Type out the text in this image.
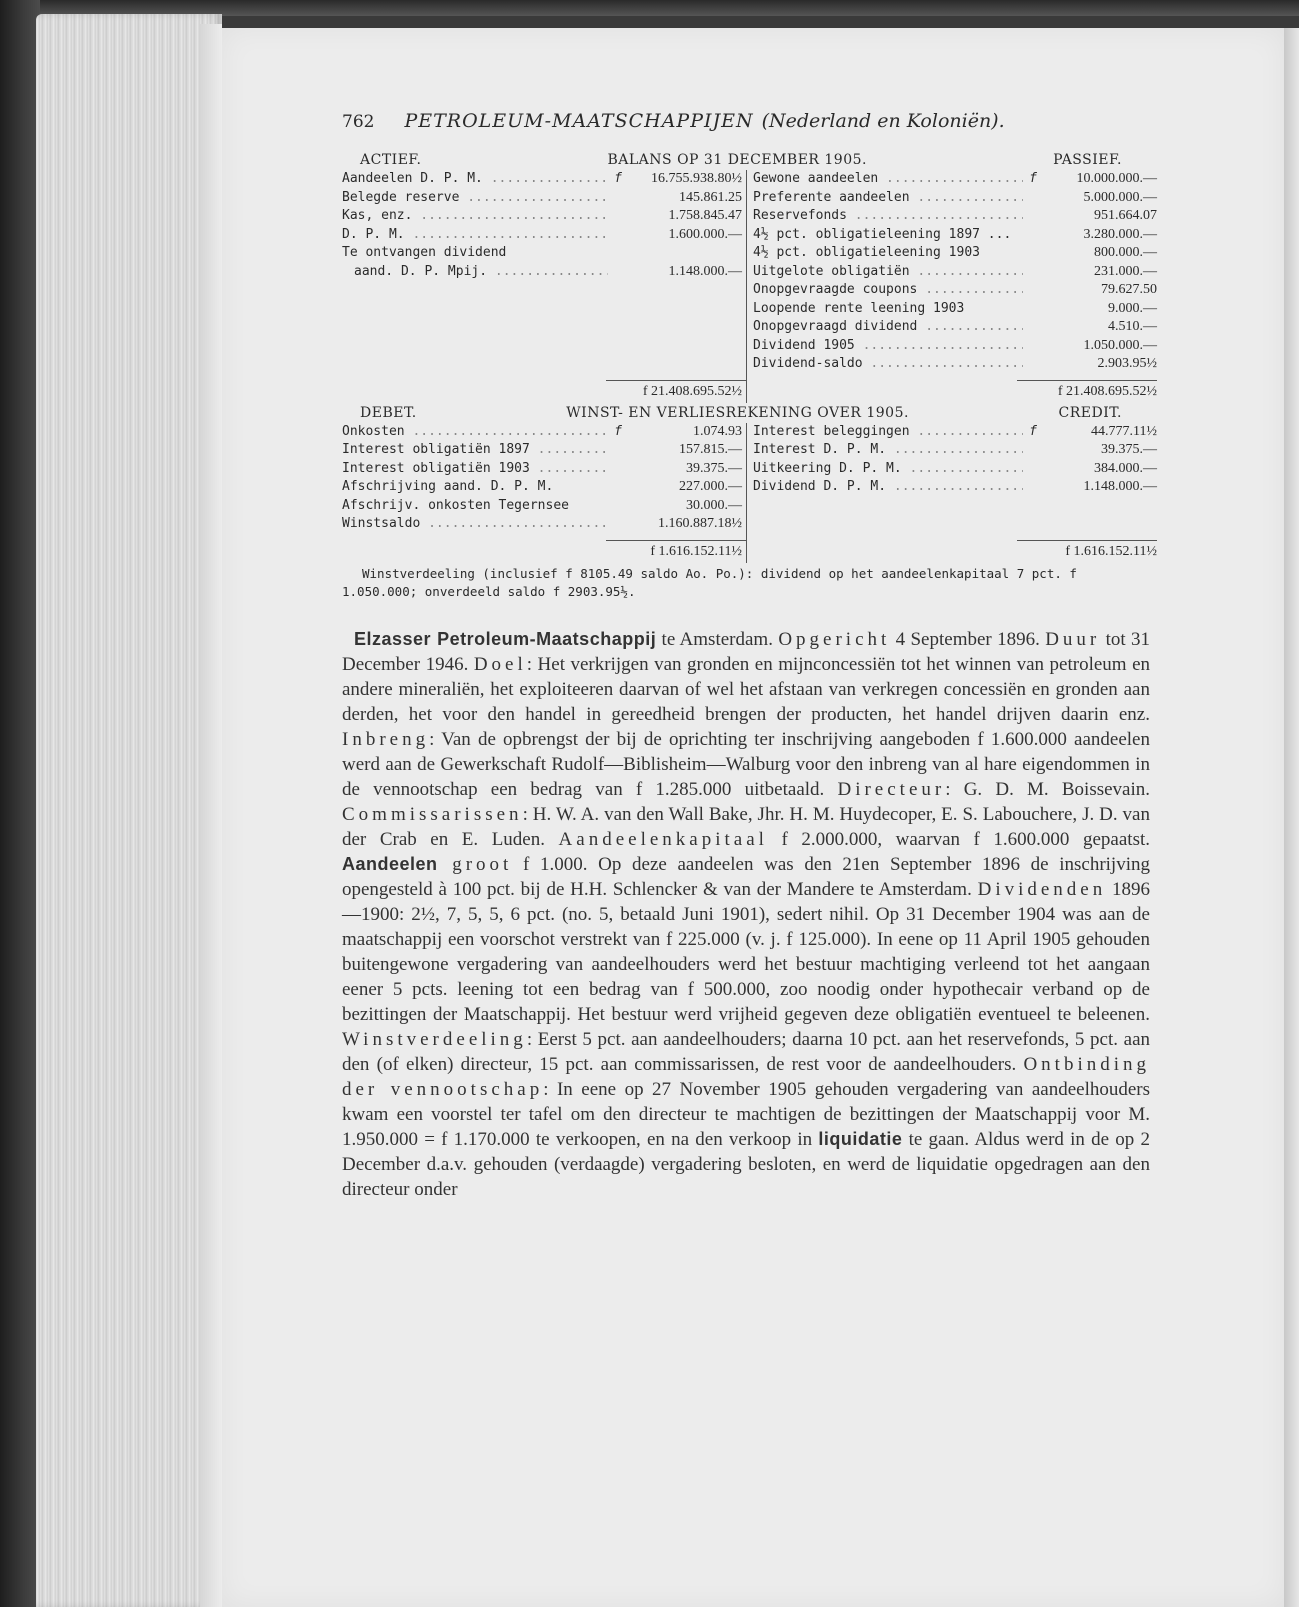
762 PETROLEUM-MAATSCHAPPIJEN (Nederland en Koloniën).
ACTIEF.	BALANS OP 31 DECEMBER 1905.	PASSIEF.
Aandeelen D. P. M. .....	f	16.755.938.80½
Belegde reserve .....	145.861.25
Kas, enz. .....	1.758.845.47
D. P. M. .....	1.600.000.—
Te ontvangen dividend
aand. D. P. Mpij. .....	1.148.000.—
f 21.408.695.52½
Gewone aandeelen .....	f	10.000.000.—
Preferente aandeelen .....	5.000.000.—
Reservefonds .....	951.664.07
4½ pct. obligatieleening 1897 ...	3.280.000.—
4½ pct. obligatieleening 1903	800.000.—
Uitgelote obligatiën .....	231.000.—
Onopgevraagde coupons .....	79.627.50
Loopende rente leening 1903	9.000.—
Onopgevraagd dividend .....	4.510.—
Dividend 1905 .....	1.050.000.—
Dividend-saldo .....	2.903.95½
f 21.408.695.52½
DEBET.	WINST- EN VERLIESREKENING OVER 1905.	CREDIT.
Onkosten .....	f	1.074.93
Interest obligatiën 1897 .....	157.815.—
Interest obligatiën 1903 .....	39.375.—
Afschrijving aand. D. P. M.	227.000.—
Afschrijv. onkosten Tegernsee	30.000.—
Winstsaldo .....	1.160.887.18½
f 1.616.152.11½
Interest beleggingen .....	f	44.777.11½
Interest D. P. M. .....	39.375.—
Uitkeering D. P. M. .....	384.000.—
Dividend D. P. M. .....	1.148.000.—
f 1.616.152.11½
Winstverdeeling (inclusief f 8105.49 saldo Ao. Po.): dividend op het aandeelenkapitaal 7 pct. f 1.050.000; onverdeeld saldo f 2903.95½.
Elzasser Petroleum-Maatschappij te Amsterdam. Opgericht 4 September 1896. Duur tot 31 December 1946. Doel: Het verkrijgen van gronden en mijnconcessiën tot het winnen van petroleum en andere mineraliën, het exploiteeren daarvan of wel het afstaan van verkregen concessiën en gronden aan derden, het voor den handel in gereedheid brengen der producten, het handel drijven daarin enz. Inbreng: Van de opbrengst der bij de oprichting ter inschrijving aangeboden f 1.600.000 aandeelen werd aan de Gewerkschaft Rudolf—Biblisheim—Walburg voor den inbreng van al hare eigendommen in de vennootschap een bedrag van f 1.285.000 uitbetaald. Directeur: G. D. M. Boissevain. Commissarissen: H. W. A. van den Wall Bake, Jhr. H. M. Huydecoper, E. S. Labouchere, J. D. van der Crab en E. Luden. Aandeelenkapitaal f 2.000.000, waarvan f 1.600.000 gepaatst. Aandeelen groot f 1.000. Op deze aandeelen was den 21en September 1896 de inschrijving opengesteld à 100 pct. bij de H.H. Schlencker & van der Mandere te Amsterdam. Dividenden 1896—1900: 2½, 7, 5, 5, 6 pct. (no. 5, betaald Juni 1901), sedert nihil. Op 31 December 1904 was aan de maatschappij een voorschot verstrekt van f 225.000 (v. j. f 125.000). In eene op 11 April 1905 gehouden buitengewone vergadering van aandeelhouders werd het bestuur machtiging verleend tot het aangaan eener 5 pcts. leening tot een bedrag van f 500.000, zoo noodig onder hypothecair verband op de bezittingen der Maatschappij. Het bestuur werd vrijheid gegeven deze obligatiën eventueel te beleenen. Winstverdeeling: Eerst 5 pct. aan aandeelhouders; daarna 10 pct. aan het reservefonds, 5 pct. aan den (of elken) directeur, 15 pct. aan commissarissen, de rest voor de aandeelhouders. Ontbinding der vennootschap: In eene op 27 November 1905 gehouden vergadering van aandeelhouders kwam een voorstel ter tafel om den directeur te machtigen de bezittingen der Maatschappij voor M. 1.950.000 = f 1.170.000 te verkoopen, en na den verkoop in liquidatie te gaan. Aldus werd in de op 2 December d.a.v. gehouden (verdaagde) vergadering besloten, en werd de liquidatie opgedragen aan den directeur onder
